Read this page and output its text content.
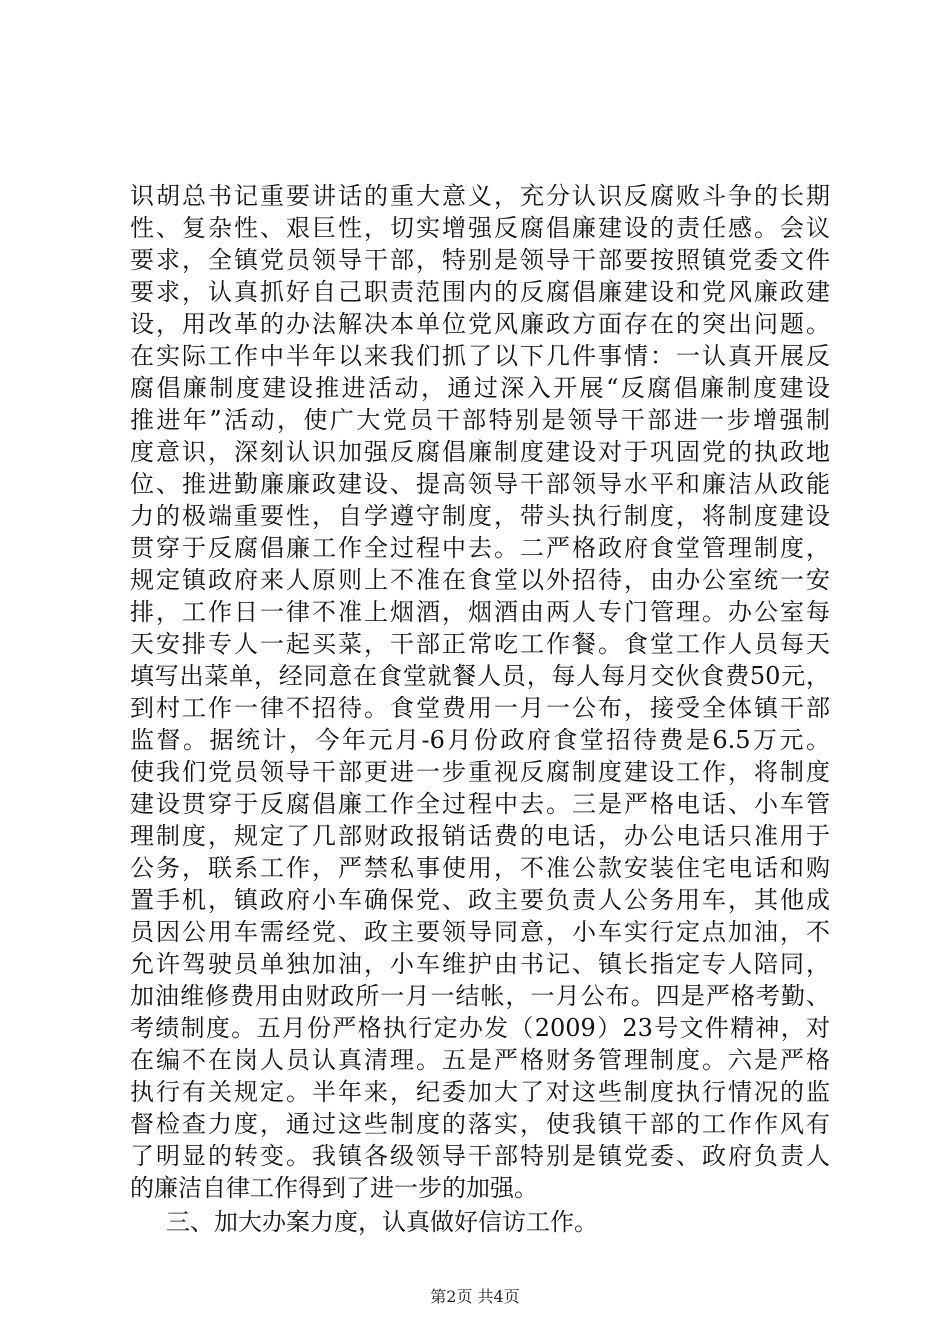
识胡总书记重要讲话的重大意义，充分认识反腐败斗争的长期
性、复杂性、艰巨性，切实增强反腐倡廉建设的责任感。会议
要求，全镇党员领导干部，特别是领导干部要按照镇党委文件
要求，认真抓好自己职责范围内的反腐倡廉建设和党风廉政建
设，用改革的办法解决本单位党风廉政方面存在的突出问题。
在实际工作中半年以来我们抓了以下几件事情：一认真开展反
腐倡廉制度建设推进活动，通过深入开展“反腐倡廉制度建设
推进年”活动，使广大党员干部特别是领导干部进一步增强制
度意识，深刻认识加强反腐倡廉制度建设对于巩固党的执政地
位、推进勤廉廉政建设、提高领导干部领导水平和廉洁从政能
力的极端重要性，自学遵守制度，带头执行制度，将制度建设
贯穿于反腐倡廉工作全过程中去。二严格政府食堂管理制度，
规定镇政府来人原则上不准在食堂以外招待，由办公室统一安
排，工作日一律不准上烟酒，烟酒由两人专门管理。办公室每
天安排专人一起买菜，干部正常吃工作餐。食堂工作人员每天
填写出菜单，经同意在食堂就餐人员，每人每月交伙食费50元，
到村工作一律不招待。食堂费用一月一公布，接受全体镇干部
监督。据统计，今年元月-6月份政府食堂招待费是6.5万元。
使我们党员领导干部更进一步重视反腐制度建设工作，将制度
建设贯穿于反腐倡廉工作全过程中去。三是严格电话、小车管
理制度，规定了几部财政报销话费的电话，办公电话只准用于
公务，联系工作，严禁私事使用，不准公款安装住宅电话和购
置手机，镇政府小车确保党、政主要负责人公务用车，其他成
员因公用车需经党、政主要领导同意，小车实行定点加油，不
允许驾驶员单独加油，小车维护由书记、镇长指定专人陪同，
加油维修费用由财政所一月一结帐，一月公布。四是严格考勤、
考绩制度。五月份严格执行定办发（2009）23号文件精神，对
在编不在岗人员认真清理。五是严格财务管理制度。六是严格
执行有关规定。半年来，纪委加大了对这些制度执行情况的监
督检查力度，通过这些制度的落实，使我镇干部的工作作风有
了明显的转变。我镇各级领导干部特别是镇党委、政府负责人
的廉洁自律工作得到了进一步的加强。
三、加大办案力度，认真做好信访工作。
第2页 共4页
